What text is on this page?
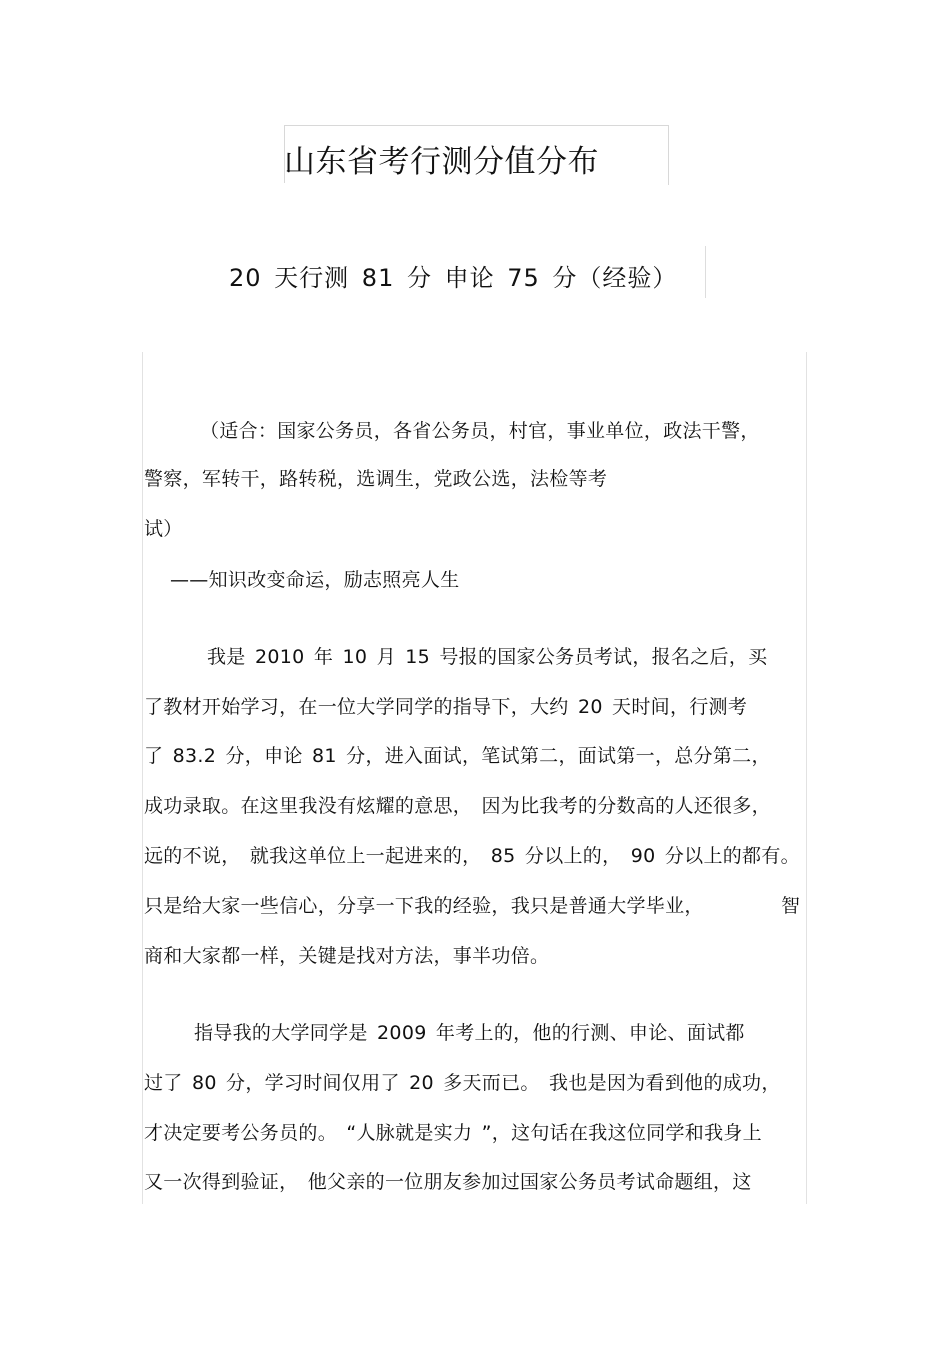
山东省考行测分值分布
20 天行测 81 分 申论 75 分（经验）
（适合：国家公务员，各省公务员，村官，事业单位，政法干警，
警察，军转干，路转税，选调生，党政公选，法检等考
试）
——知识改变命运，励志照亮人生
我是 2010 年 10 月 15 号报的国家公务员考试，报名之后，买
了教材开始学习，在一位大学同学的指导下，大约 20 天时间，行测考
了 83.2 分，申论 81 分，进入面试，笔试第二，面试第一，总分第二，
成功录取。在这里我没有炫耀的意思， 因为比我考的分数高的人还很多，
远的不说， 就我这单位上一起进来的， 85 分以上的， 90 分以上的都有。
只是给大家一些信心，分享一下我的经验，我只是普通大学毕业，	智
商和大家都一样，关键是找对方法，事半功倍。
指导我的大学同学是 2009 年考上的，他的行测、申论、面试都
过了 80 分，学习时间仅用了 20 多天而已。 我也是因为看到他的成功，
才决定要考公务员的。 “人脉就是实力 ”，这句话在我这位同学和我身上
又一次得到验证， 他父亲的一位朋友参加过国家公务员考试命题组，这
